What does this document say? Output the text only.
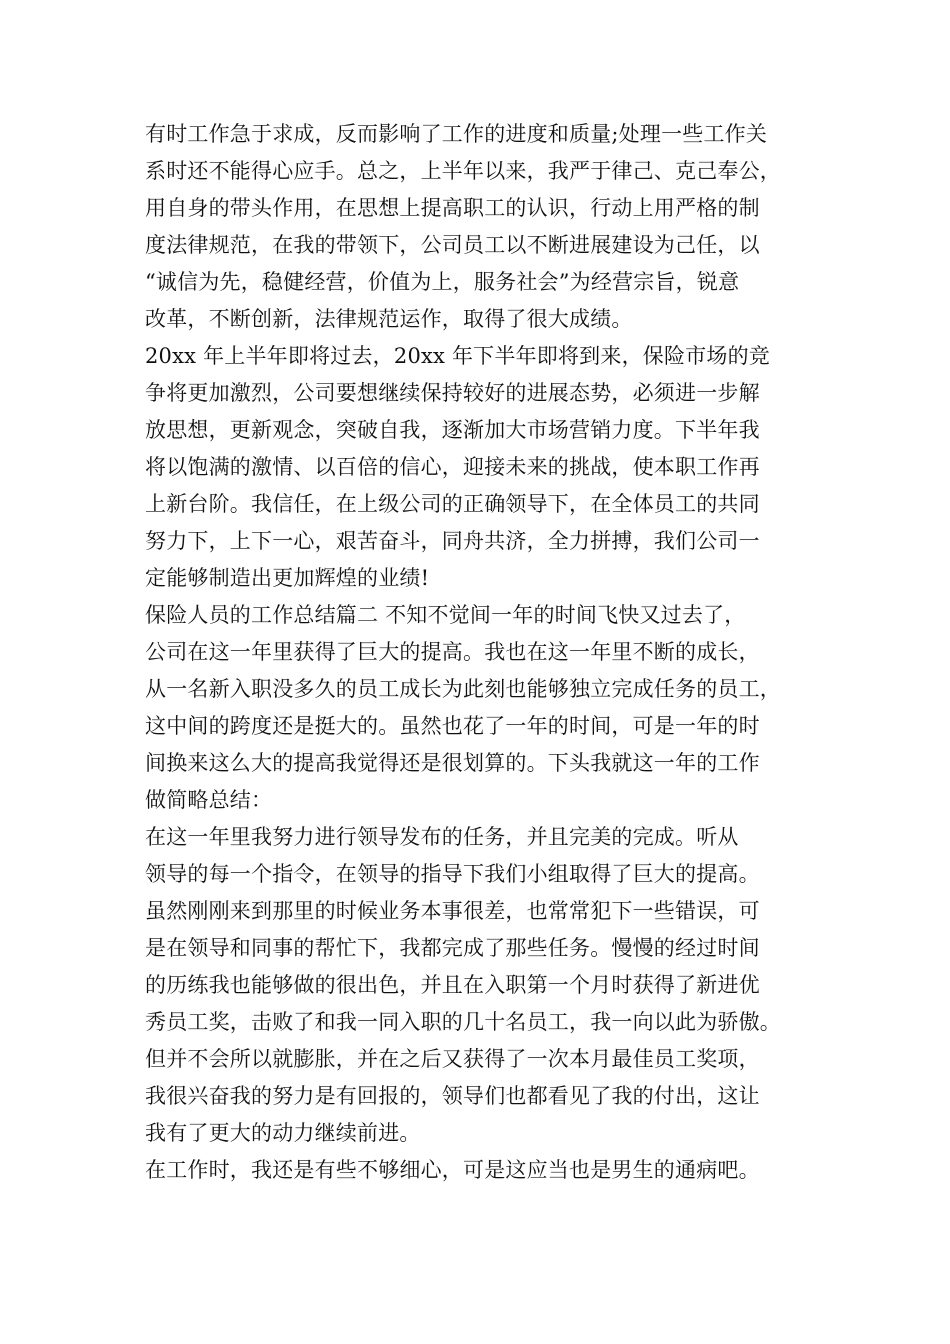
有时工作急于求成，反而影响了工作的进度和质量;处理一些工作关
系时还不能得心应手。总之，上半年以来，我严于律己、克己奉公，
用自身的带头作用，在思想上提高职工的认识，行动上用严格的制
度法律规范，在我的带领下，公司员工以不断进展建设为己任，以
“诚信为先，稳健经营，价值为上，服务社会”为经营宗旨，锐意
改革，不断创新，法律规范运作，取得了很大成绩。
20xx 年上半年即将过去，20xx 年下半年即将到来，保险市场的竞
争将更加激烈，公司要想继续保持较好的进展态势，必须进一步解
放思想，更新观念，突破自我，逐渐加大市场营销力度。下半年我
将以饱满的激情、以百倍的信心，迎接未来的挑战，使本职工作再
上新台阶。我信任，在上级公司的正确领导下，在全体员工的共同
努力下，上下一心，艰苦奋斗，同舟共济，全力拼搏，我们公司一
定能够制造出更加辉煌的业绩!
保险人员的工作总结篇二 不知不觉间一年的时间飞快又过去了，
公司在这一年里获得了巨大的提高。我也在这一年里不断的成长，
从一名新入职没多久的员工成长为此刻也能够独立完成任务的员工，
这中间的跨度还是挺大的。虽然也花了一年的时间，可是一年的时
间换来这么大的提高我觉得还是很划算的。下头我就这一年的工作
做简略总结：
在这一年里我努力进行领导发布的任务，并且完美的完成。听从
领导的每一个指令，在领导的指导下我们小组取得了巨大的提高。
虽然刚刚来到那里的时候业务本事很差，也常常犯下一些错误，可
是在领导和同事的帮忙下，我都完成了那些任务。慢慢的经过时间
的历练我也能够做的很出色，并且在入职第一个月时获得了新进优
秀员工奖，击败了和我一同入职的几十名员工，我一向以此为骄傲。
但并不会所以就膨胀，并在之后又获得了一次本月最佳员工奖项，
我很兴奋我的努力是有回报的，领导们也都看见了我的付出，这让
我有了更大的动力继续前进。
在工作时，我还是有些不够细心，可是这应当也是男生的通病吧。
